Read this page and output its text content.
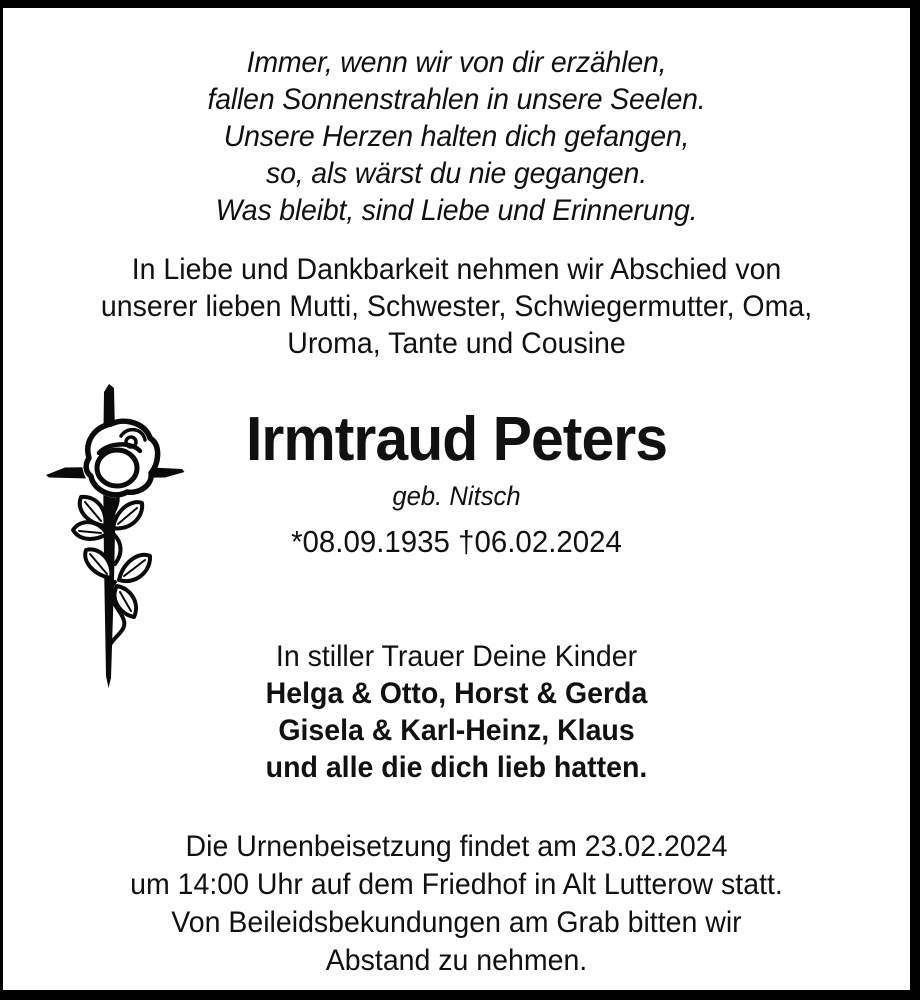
Immer, wenn wir von dir erzählen,
fallen Sonnenstrahlen in unsere Seelen.
Unsere Herzen halten dich gefangen,
so, als wärst du nie gegangen.
Was bleibt, sind Liebe und Erinnerung.
In Liebe und Dankbarkeit nehmen wir Abschied von
unserer lieben Mutti, Schwester, Schwiegermutter, Oma,
Uroma, Tante und Cousine
Irmtraud Peters
geb. Nitsch
*08.09.1935 †06.02.2024
In stiller Trauer Deine Kinder
Helga & Otto, Horst & Gerda
Gisela & Karl-Heinz, Klaus
und alle die dich lieb hatten.
Die Urnenbeisetzung findet am 23.02.2024
um 14:00 Uhr auf dem Friedhof in Alt Lutterow statt.
Von Beileidsbekundungen am Grab bitten wir
Abstand zu nehmen.
